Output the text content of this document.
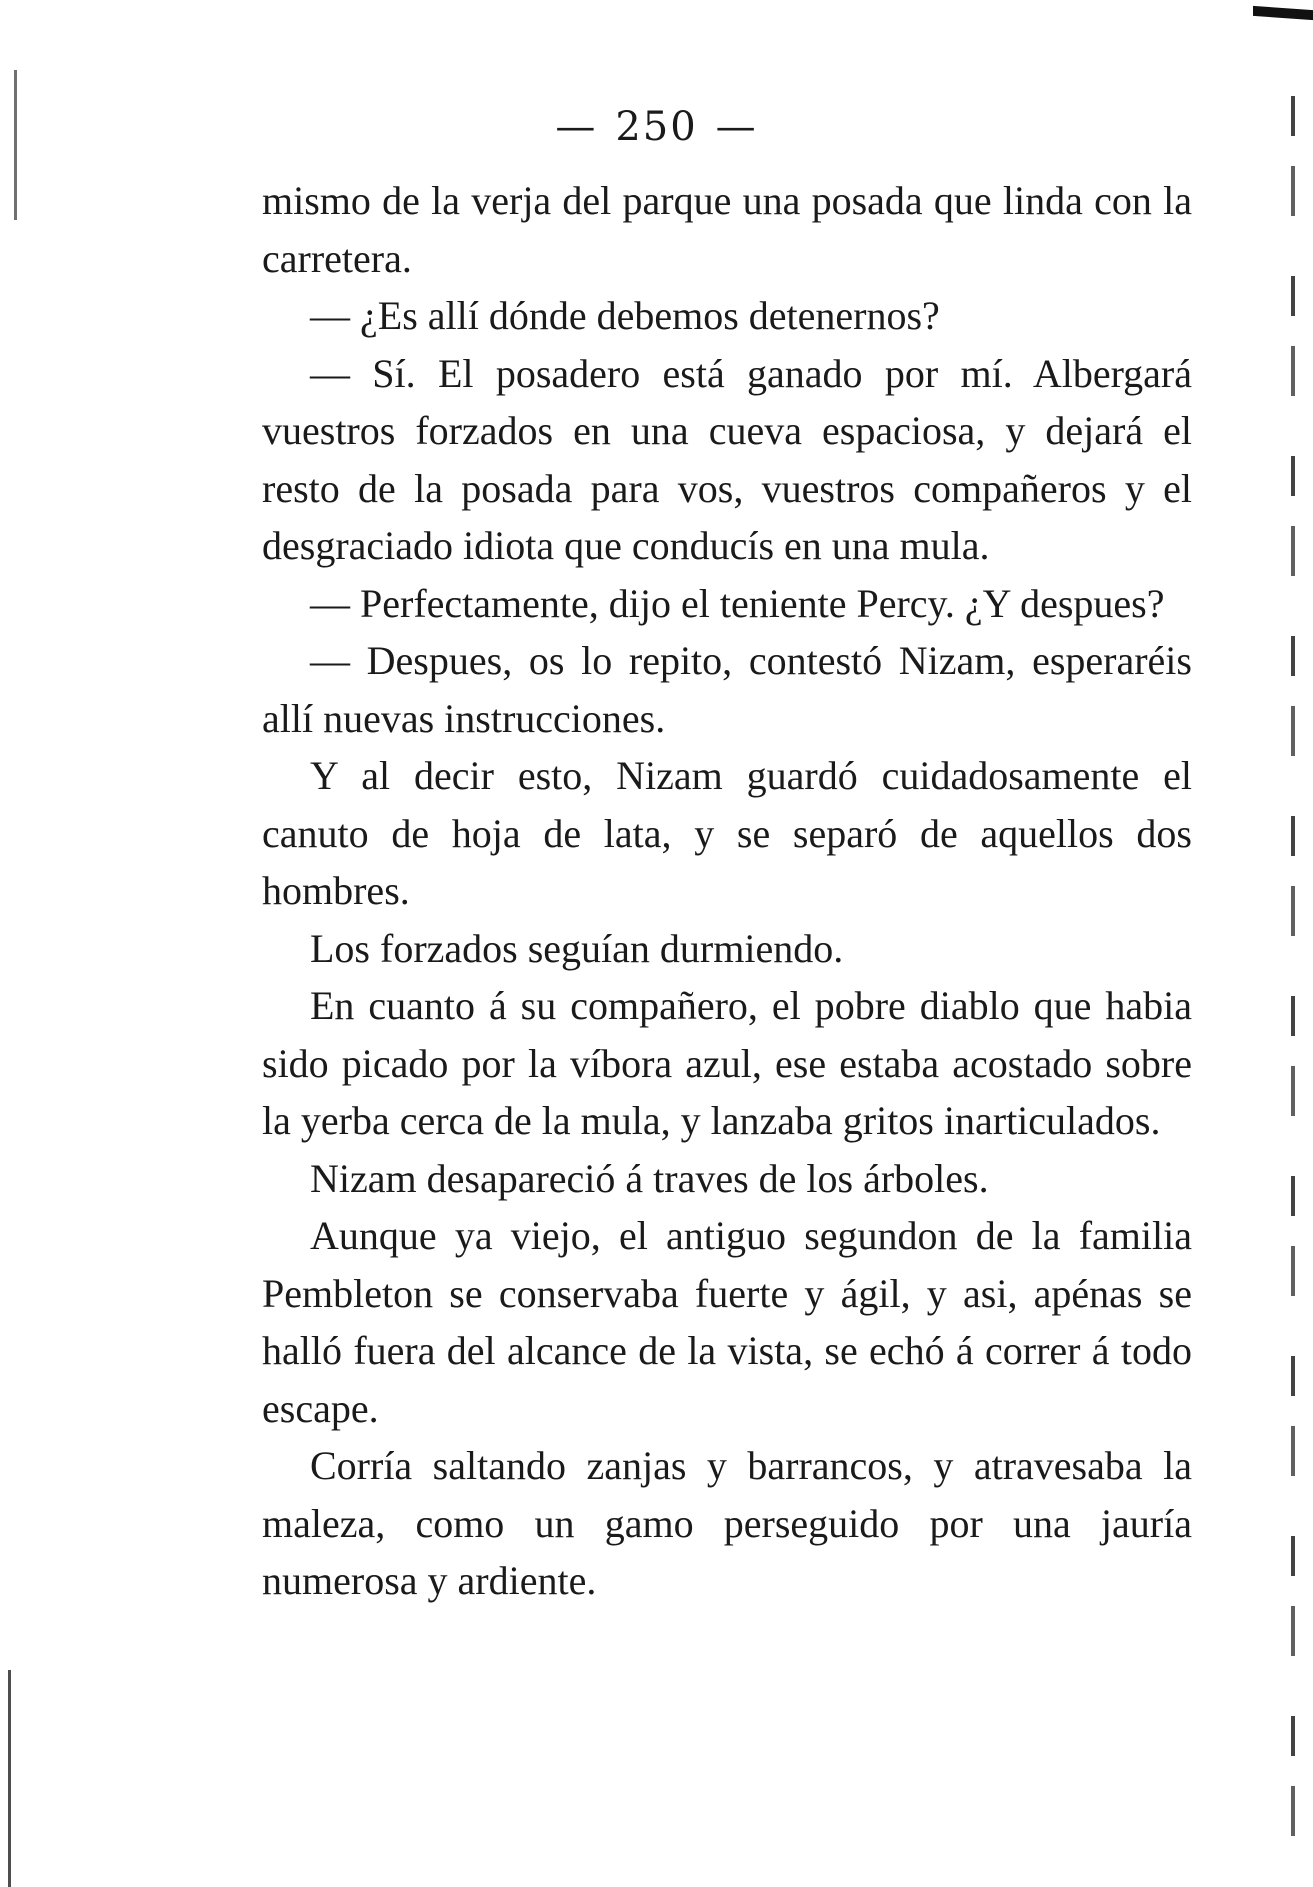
— 250 —

mismo de la verja del parque una posada que linda con la carretera.

— ¿Es allí dónde debemos detenernos?

— Sí. El posadero está ganado por mí. Albergará vuestros forzados en una cueva espaciosa, y dejará el resto de la posada para vos, vuestros compañeros y el desgraciado idiota que conducís en una mula.

— Perfectamente, dijo el teniente Percy. ¿Y despues?

— Despues, os lo repito, contestó Nizam, esperaréis allí nuevas instrucciones.

Y al decir esto, Nizam guardó cuidadosamente el canuto de hoja de lata, y se separó de aquellos dos hombres.

Los forzados seguían durmiendo.

En cuanto á su compañero, el pobre diablo que habia sido picado por la víbora azul, ese estaba acostado sobre la yerba cerca de la mula, y lanzaba gritos inarticulados.

Nizam desapareció á traves de los árboles.

Aunque ya viejo, el antiguo segundon de la familia Pembleton se conservaba fuerte y ágil, y asi, apénas se halló fuera del alcance de la vista, se echó á correr á todo escape.

Corría saltando zanjas y barrancos, y atravesaba la maleza, como un gamo perseguido por una jauría numerosa y ardiente.
